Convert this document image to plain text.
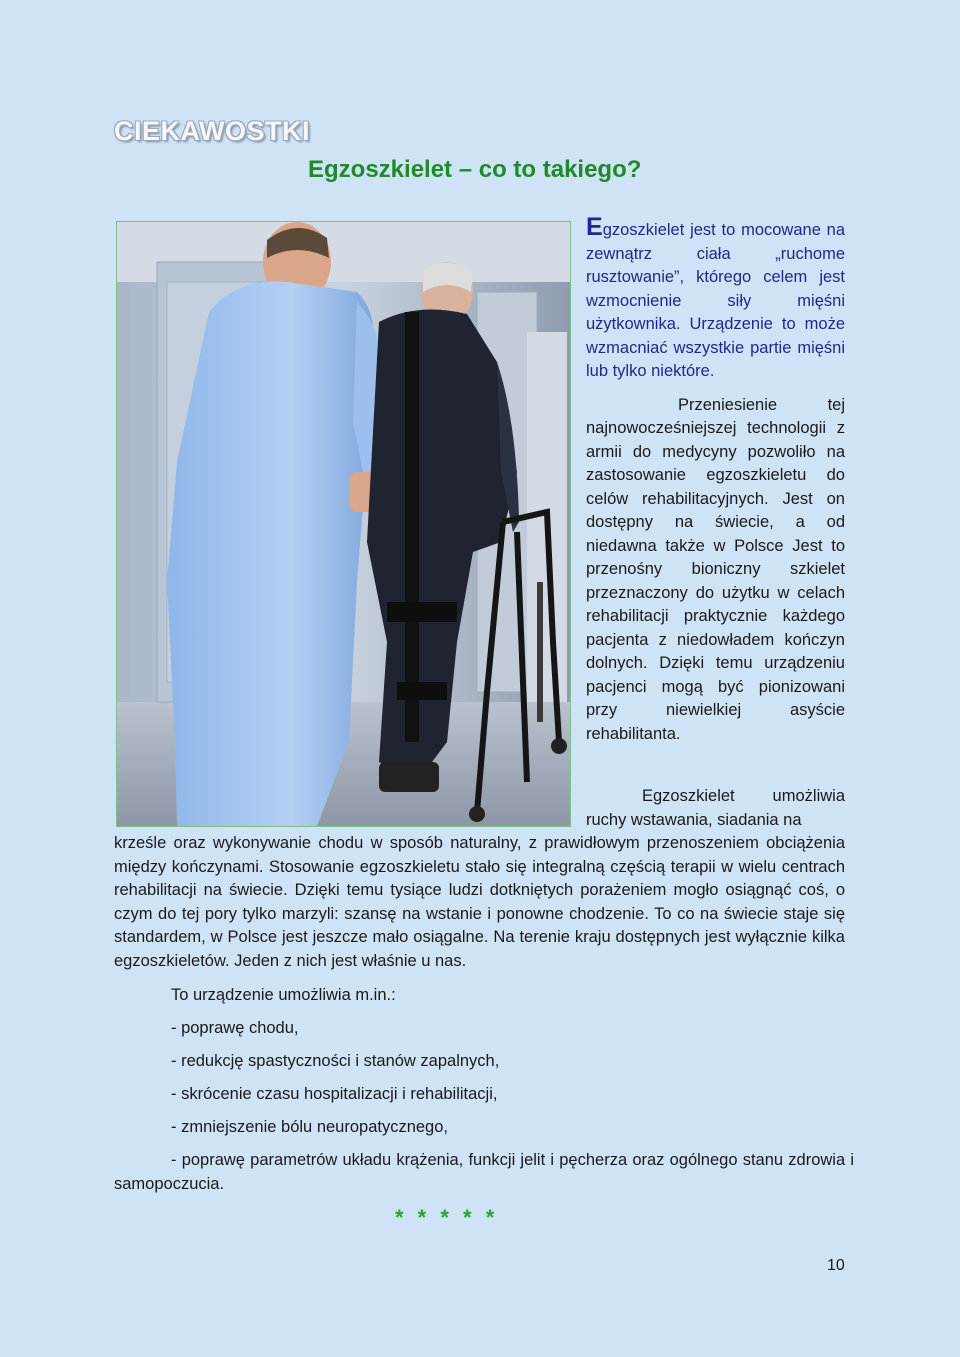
CIEKAWOSTKI
Egzoszkielet – co to takiego?

Egzoszkielet jest to mocowane na zewnątrz ciała „ruchome rusztowanie”, którego celem jest wzmocnienie siły mięśni użytkownika. Urządzenie to może wzmacniać wszystkie partie mięśni lub tylko niektóre.

Przeniesienie tej najnowocześniejszej technologii z armii do medycyny pozwoliło na zastosowanie egzoszkieletu do celów rehabilitacyjnych. Jest on dostępny na świecie, a od niedawna także w Polsce Jest to przenośny bioniczny szkielet przeznaczony do użytku w celach rehabilitacji praktycznie każdego pacjenta z niedowładem kończyn dolnych. Dzięki temu urządzeniu pacjenci mogą być pionizowani przy niewielkiej asyście rehabilitanta.

Egzoszkielet umożliwia ruchy wstawania, siadania na
krześle oraz wykonywanie chodu w sposób naturalny, z prawidłowym przenoszeniem obciążenia między kończynami. Stosowanie egzoszkieletu stało się integralną częścią terapii w wielu centrach rehabilitacji na świecie. Dzięki temu tysiące ludzi dotkniętych porażeniem mogło osiągnąć coś, o czym do tej pory tylko marzyli: szansę na wstanie i ponowne chodzenie. To co na świecie staje się standardem, w Polsce jest jeszcze mało osiągalne. Na terenie kraju dostępnych jest wyłącznie kilka egzoszkieletów. Jeden z nich jest właśnie u nas.

To urządzenie umożliwia m.in.:

- poprawę chodu,

- redukcję spastyczności i stanów zapalnych,

- skrócenie czasu hospitalizacji i rehabilitacji,

- zmniejszenie bólu neuropatycznego,

- poprawę parametrów układu krążenia, funkcji jelit i pęcherza oraz ogólnego stanu zdrowia i samopoczucia.

* * * * *
10
